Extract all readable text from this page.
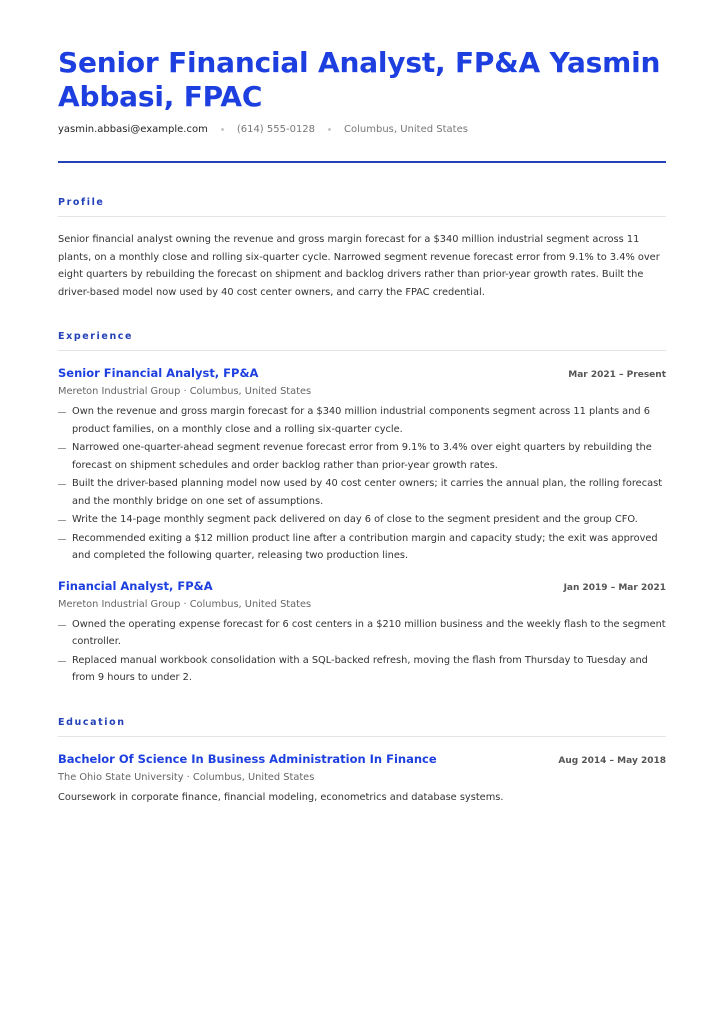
Senior Financial Analyst, FP&A Yasmin Abbasi, FPAC
yasmin.abbasi@example.com	(614) 555-0128	Columbus, United States
Profile
Senior financial analyst owning the revenue and gross margin forecast for a $340 million industrial segment across 11 plants, on a monthly close and rolling six-quarter cycle. Narrowed segment revenue forecast error from 9.1% to 3.4% over eight quarters by rebuilding the forecast on shipment and backlog drivers rather than prior-year growth rates. Built the driver-based model now used by 40 cost center owners, and carry the FPAC credential.
Experience
Senior Financial Analyst, FP&A	Mar 2021 – Present
Mereton Industrial Group · Columbus, United States
Own the revenue and gross margin forecast for a $340 million industrial components segment across 11 plants and 6 product families, on a monthly close and a rolling six-quarter cycle.
Narrowed one-quarter-ahead segment revenue forecast error from 9.1% to 3.4% over eight quarters by rebuilding the forecast on shipment schedules and order backlog rather than prior-year growth rates.
Built the driver-based planning model now used by 40 cost center owners; it carries the annual plan, the rolling forecast and the monthly bridge on one set of assumptions.
Write the 14-page monthly segment pack delivered on day 6 of close to the segment president and the group CFO.
Recommended exiting a $12 million product line after a contribution margin and capacity study; the exit was approved and completed the following quarter, releasing two production lines.
Financial Analyst, FP&A	Jan 2019 – Mar 2021
Mereton Industrial Group · Columbus, United States
Owned the operating expense forecast for 6 cost centers in a $210 million business and the weekly flash to the segment controller.
Replaced manual workbook consolidation with a SQL-backed refresh, moving the flash from Thursday to Tuesday and from 9 hours to under 2.
Education
Bachelor Of Science In Business Administration In Finance	Aug 2014 – May 2018
The Ohio State University · Columbus, United States
Coursework in corporate finance, financial modeling, econometrics and database systems.
